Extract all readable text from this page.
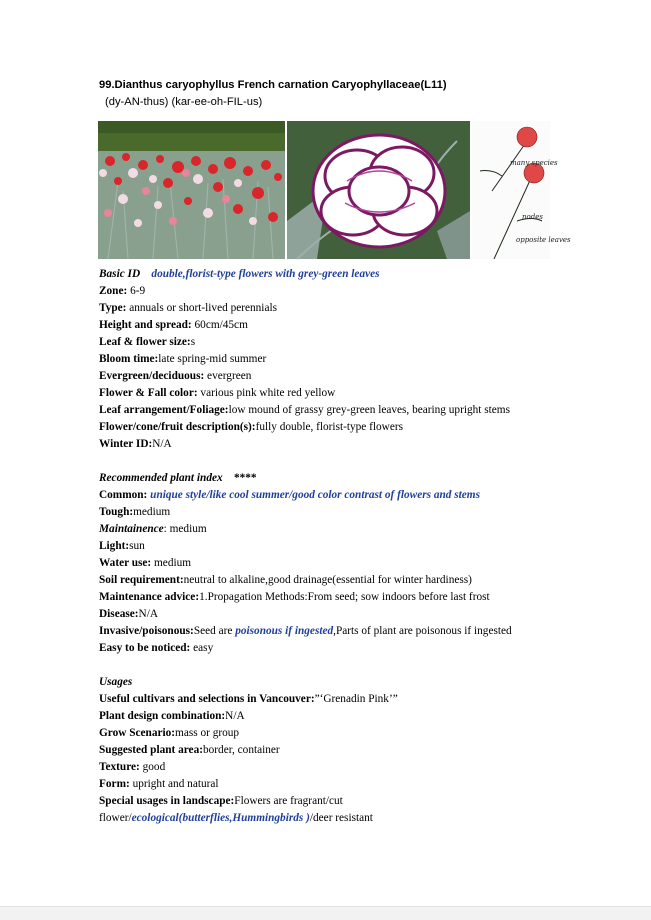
99.Dianthus caryophyllus French carnation Caryophyllaceae(L11)
(dy-AN-thus) (kar-ee-oh-FIL-us)
many species
nodes
opposite leaves
Basic ID double,florist-type flowers with grey-green leaves
Zone: 6-9
Type: annuals or short-lived perennials
Height and spread: 60cm/45cm
Leaf & flower size:s
Bloom time:late spring-mid summer
Evergreen/deciduous: evergreen
Flower & Fall color: various pink white red yellow
Leaf arrangement/Foliage:low mound of grassy grey-green leaves, bearing upright stems
Flower/cone/fruit description(s):fully double, florist-type flowers
Winter ID:N/A
Recommended plant index ****
Common: unique style/like cool summer/good color contrast of flowers and stems
Tough:medium
Maintainence: medium
Light:sun
Water use: medium
Soil requirement:neutral to alkaline,good drainage(essential for winter hardiness)
Maintenance advice:1.Propagation Methods:From seed; sow indoors before last frost
Disease:N/A
Invasive/poisonous:Seed are poisonous if ingested,Parts of plant are poisonous if ingested
Easy to be noticed: easy
Usages
Useful cultivars and selections in Vancouver:”‘Grenadin Pink’”
Plant design combination:N/A
Grow Scenario:mass or group
Suggested plant area:border, container
Texture: good
Form: upright and natural
Special usages in landscape:Flowers are fragrant/cut
flower/ecological(butterflies,Hummingbirds )/deer resistant
